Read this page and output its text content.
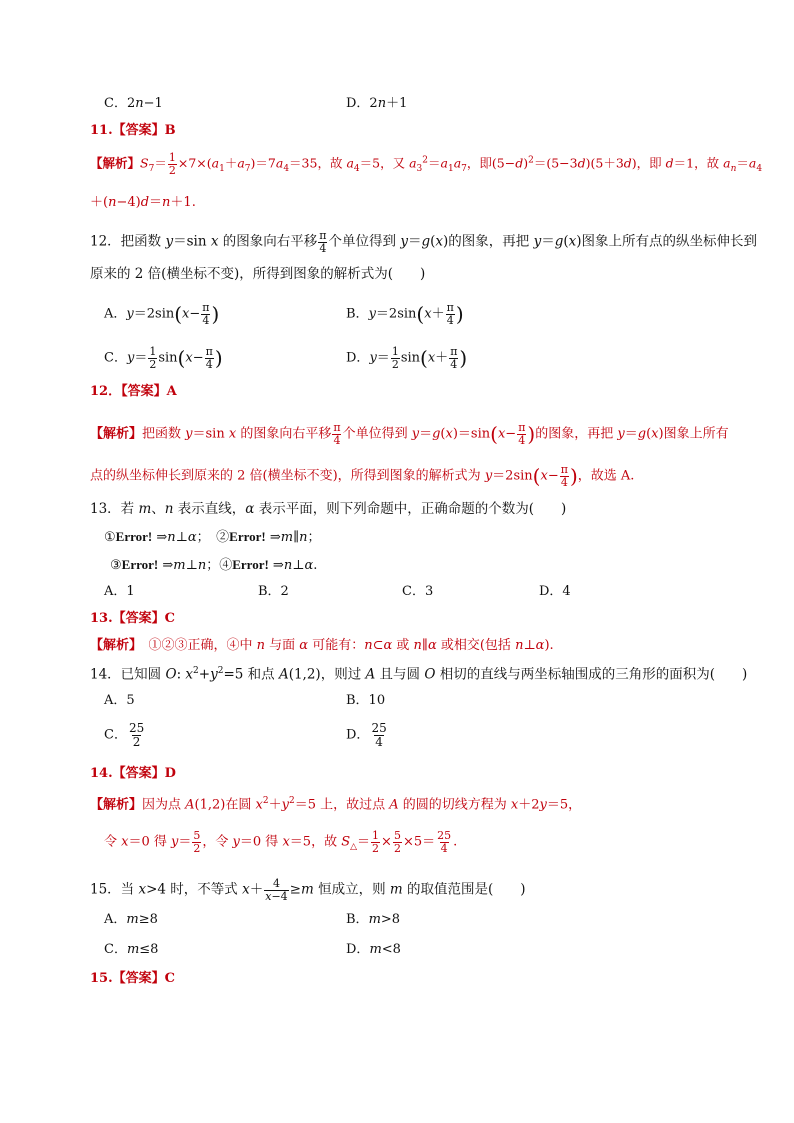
C．2n−1	D．2n＋1
11.【答案】B
【解析】$S_7= \frac{1}{2} \times 7\times(a_1+a_7)=7a_4=35$，故 $a_4=5$，又 $a_3^2=a_1a_7$，即$(5-d)^2=(5-3d)(5+3d)$，即 d＝1，故 $a_n=a_4$
＋(n−4)d＝n＋1.
12．把函数 y＝sin x 的图象向右平移 $\frac{\pi}{4}$ 个单位得到 y＝g(x)的图象，再把 y＝g(x)图象上所有点的纵坐标伸长到
原来的 2 倍(横坐标不变)，所得到图象的解析式为(　　)
A．$y=2\sin(x- \frac{\pi}{4}$ )	B．$y=2\sin(x+ \frac{\pi}{4}$ )
C．$y= \frac{1}{2} \sin(x- \frac{\pi}{4}$ )	D．$y= \frac{1}{2} \sin(x+ \frac{\pi}{4}$ )
12．【答案】A
【解析】把函数 y＝sin x 的图象向右平移 $\frac{\pi}{4}$ 个单位得到 $y=g(x)=\sin(x- \frac{\pi}{4}$ )的图象，再把 y＝g(x)图象上所有
点的纵坐标伸长到原来的 2 倍(横坐标不变)，所得到图象的解析式为 $y=2\sin(x- \frac{\pi}{4}$ )，故选 A.
13．若 m、n 表示直线，α 表示平面，则下列命题中，正确命题的个数为(　　)
①Error! ⇒n⊥α；　②Error! ⇒m∥n；
③Error! ⇒m⊥n；④Error! ⇒n⊥α.
A．1	B．2	C．3	D．4
13.【答案】C
【解析】　①②③正确，④中 n 与面 α 可能有：n⊂α 或 n∥α 或相交(包括 n⊥α).
14．已知圆 O: $x^2+y^2=5$ 和点 A(1,2)，则过 A 且与圆 O 相切的直线与两坐标轴围成的三角形的面积为(　　)
A．5	B．10
C． $\frac{25}{2}$	D． $\frac{25}{4}$
14.【答案】D
【解析】因为点 A(1,2)在圆 $x^2+y^2=5$ 上，故过点 A 的圆的切线方程为 x＋2y＝5，
令 x＝0 得 $y= \frac{5}{2}$ ，令 y＝0 得 x＝5，故 $S_\triangle= \frac{1}{2} \times \frac{5}{2} \times 5= \frac{25}{4}$ .
15．当 x>4 时，不等式 $x+ \frac{4}{x-4} \ge m$ 恒成立，则 m 的取值范围是(　　)
A．m≥8	B．m>8
C．m≤8	D．m<8
15.【答案】C
